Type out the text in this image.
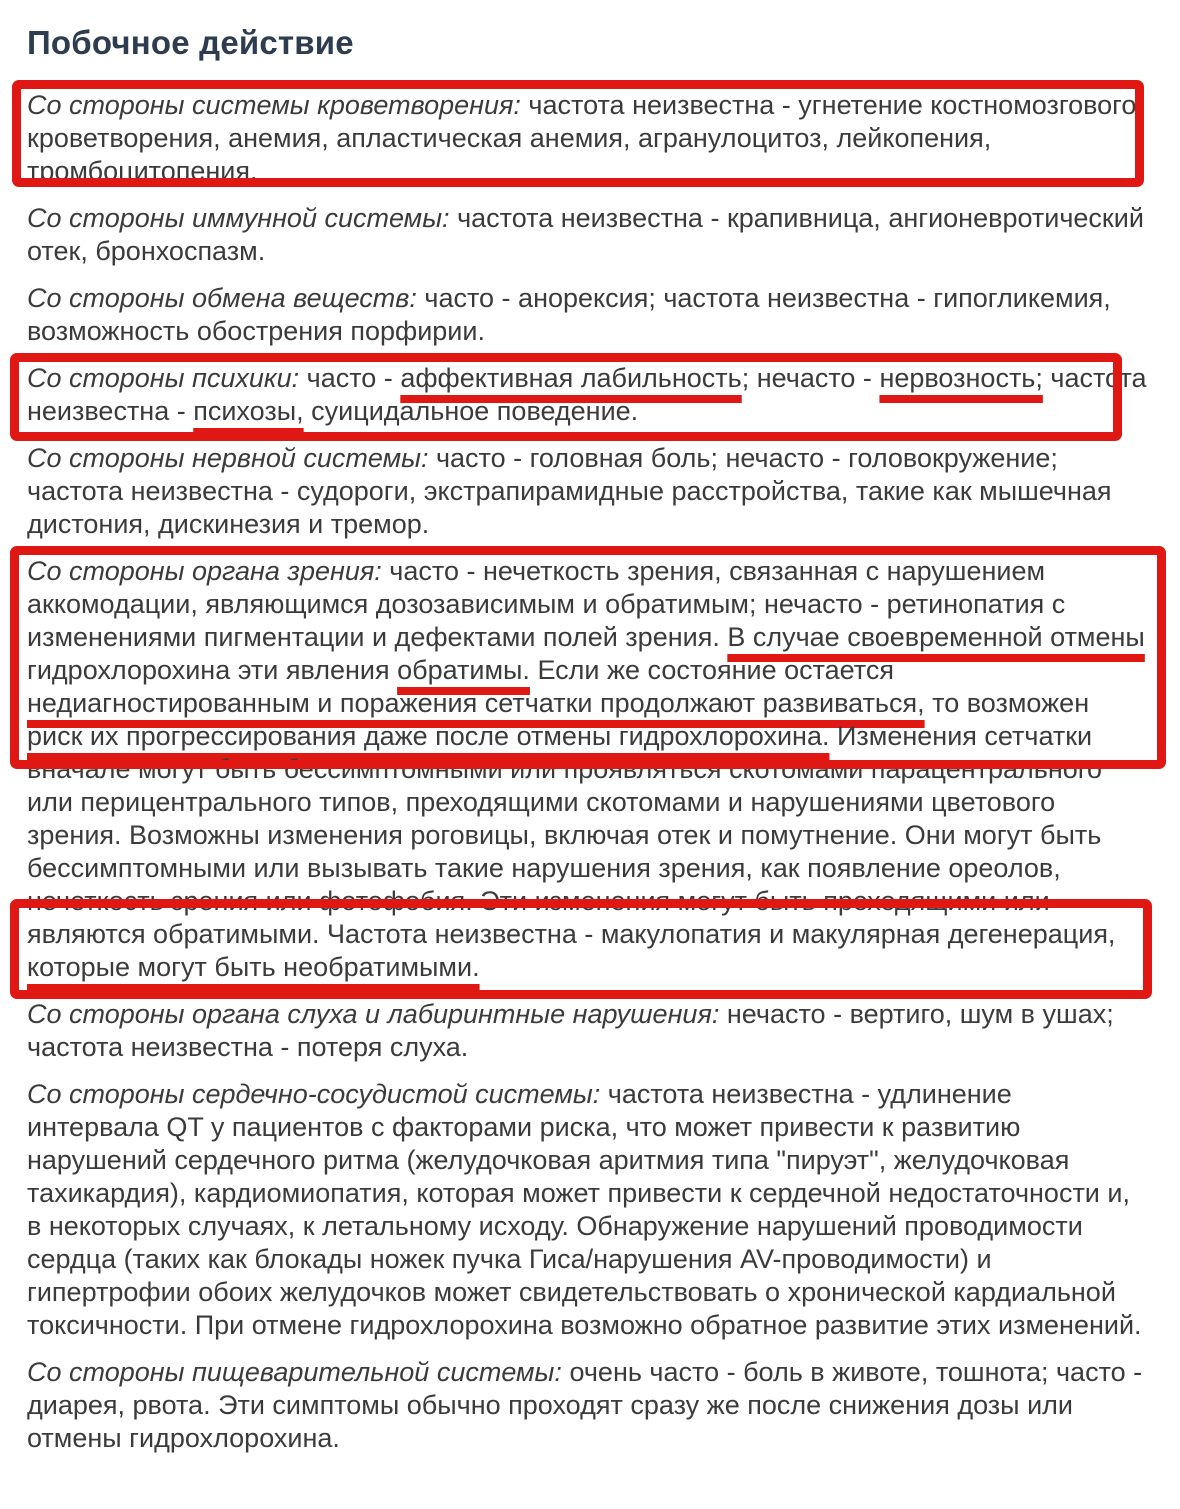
Побочное действие

Со стороны системы кроветворения: частота неизвестна - угнетение костномозгового кроветворения, анемия, апластическая анемия, агранулоцитоз, лейкопения, тромбоцитопения.

Со стороны иммунной системы: частота неизвестна - крапивница, ангионевротический отек, бронхоспазм.

Со стороны обмена веществ: часто - анорексия; частота неизвестна - гипогликемия, возможность обострения порфирии.

Со стороны психики: часто - аффективная лабильность; нечасто - нервозность; частота неизвестна - психозы, суицидальное поведение.

Со стороны нервной системы: часто - головная боль; нечасто - головокружение; частота неизвестна - судороги, экстрапирамидные расстройства, такие как мышечная дистония, дискинезия и тремор.

Со стороны органа зрения: часто - нечеткость зрения, связанная с нарушением аккомодации, являющимся дозозависимым и обратимым; нечасто - ретинопатия с изменениями пигментации и дефектами полей зрения. В случае своевременной отмены гидрохлорохина эти явления обратимы. Если же состояние остается недиагностированным и поражения сетчатки продолжают развиваться, то возможен риск их прогрессирования даже после отмены гидрохлорохина. Изменения сетчатки вначале могут быть бессимптомными или проявляться скотомами парацентрального или перицентрального типов, преходящими скотомами и нарушениями цветового зрения. Возможны изменения роговицы, включая отек и помутнение. Они могут быть бессимптомными или вызывать такие нарушения зрения, как появление ореолов, нечеткость зрения или фотофобия. Эти изменения могут быть преходящими или являются обратимыми. Частота неизвестна - макулопатия и макулярная дегенерация, которые могут быть необратимыми.

Со стороны органа слуха и лабиринтные нарушения: нечасто - вертиго, шум в ушах; частота неизвестна - потеря слуха.

Со стороны сердечно-сосудистой системы: частота неизвестна - удлинение интервала QT у пациентов с факторами риска, что может привести к развитию нарушений сердечного ритма (желудочковая аритмия типа "пируэт", желудочковая тахикардия), кардиомиопатия, которая может привести к сердечной недостаточности и, в некоторых случаях, к летальному исходу. Обнаружение нарушений проводимости сердца (таких как блокады ножек пучка Гиса/нарушения AV-проводимости) и гипертрофии обоих желудочков может свидетельствовать о хронической кардиальной токсичности. При отмене гидрохлорохина возможно обратное развитие этих изменений.

Со стороны пищеварительной системы: очень часто - боль в животе, тошнота; часто - диарея, рвота. Эти симптомы обычно проходят сразу же после снижения дозы или отмены гидрохлорохина.
